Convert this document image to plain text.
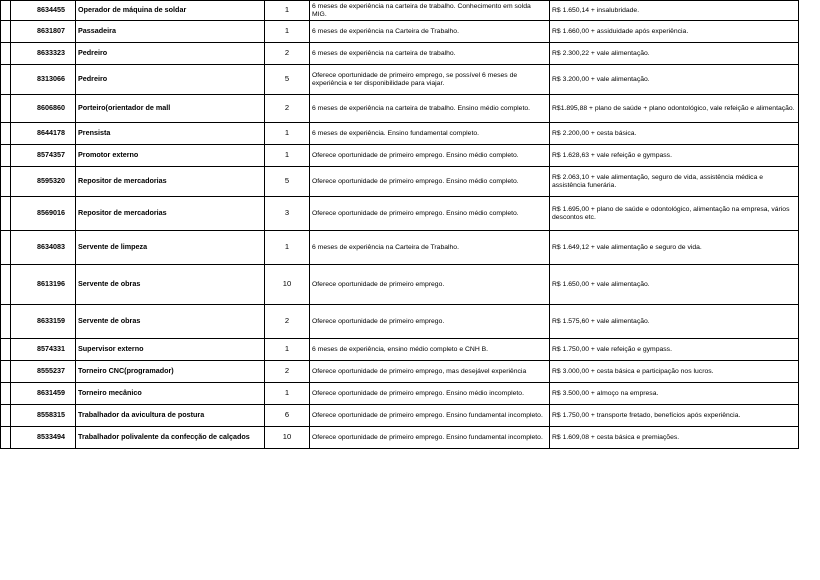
	8634455	Operador de máquina de soldar	1	6 meses de experiência na carteira de trabalho. Conhecimento em solda MIG.	R$ 1.650,14 + insalubridade.
	8631807	Passadeira	1	6 meses de experiência na Carteira de Trabalho.	R$ 1.660,00 + assiduidade após experiência.
	8633323	Pedreiro	2	6 meses de experiência na carteira de trabalho.	R$ 2.300,22 + vale alimentação.
	8313066	Pedreiro	5	Oferece oportunidade de primeiro emprego, se possível 6 meses de experiência e ter disponibilidade para viajar.	R$ 3.200,00 + vale alimentação.
	8606860	Porteiro(orientador de mall	2	6 meses de experiência na carteira de trabalho. Ensino médio completo.	R$1.895,88 + plano de saúde + plano odontológico, vale refeição e alimentação.
	8644178	Prensista	1	6 meses de experiência. Ensino fundamental completo.	R$ 2.200,00 + cesta básica.
	8574357	Promotor externo	1	Oferece oportunidade de primeiro emprego. Ensino médio completo.	R$ 1.628,63 + vale refeição e gympass.
	8595320	Repositor de mercadorias	5	Oferece oportunidade de primeiro emprego. Ensino médio completo.	R$ 2.063,10 + vale alimentação, seguro de vida, assistência médica e assistência funerária.
	8569016	Repositor de mercadorias	3	Oferece oportunidade de primeiro emprego. Ensino médio completo.	R$ 1.695,00 + plano de saúde e odontológico, alimentação na empresa, vários descontos etc.
	8634083	Servente de limpeza	1	6 meses de experiência na Carteira de Trabalho.	R$ 1.649,12 + vale alimentação e seguro de vida.
	8613196	Servente de obras	10	Oferece oportunidade de primeiro emprego.	R$ 1.650,00 + vale alimentação.
	8633159	Servente de obras	2	Oferece oportunidade de primeiro emprego.	R$ 1.575,60 + vale alimentação.
	8574331	Supervisor externo	1	6 meses de experiência, ensino médio completo e CNH B.	R$ 1.750,00 + vale refeição e gympass.
	8555237	Torneiro CNC(programador)	2	Oferece oportunidade de primeiro emprego, mas desejável experiência	R$ 3.000,00 + cesta básica e participação nos lucros.
	8631459	Torneiro mecânico	1	Oferece oportunidade de primeiro emprego. Ensino médio incompleto.	R$ 3.500,00 + almoço na empresa.
	8558315	Trabalhador da avicultura de postura	6	Oferece oportunidade de primeiro emprego. Ensino fundamental incompleto.	R$ 1.750,00 + transporte fretado, benefícios após experiência.
	8533494	Trabalhador polivalente da confecção de calçados	10	Oferece oportunidade de primeiro emprego. Ensino fundamental incompleto.	R$ 1.609,08 + cesta básica e premiações.
